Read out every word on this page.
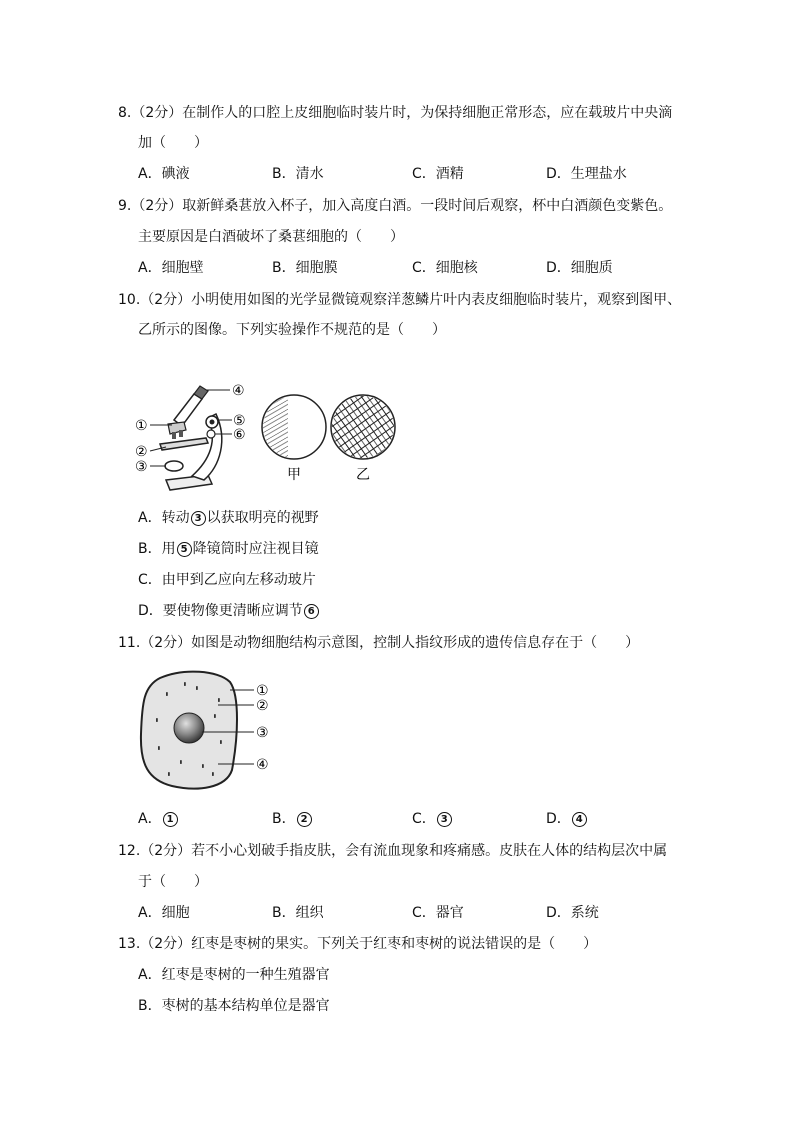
8.（2分）在制作人的口腔上皮细胞临时装片时，为保持细胞正常形态，应在载玻片中央滴
加（　　）
A．碘液	B．清水	C．酒精	D．生理盐水
9.（2分）取新鲜桑葚放入杯子，加入高度白酒。一段时间后观察，杯中白酒颜色变紫色。
主要原因是白酒破坏了桑葚细胞的（　　）
A．细胞壁	B．细胞膜	C．细胞核	D．细胞质
10.（2分）小明使用如图的光学显微镜观察洋葱鳞片叶内表皮细胞临时装片，观察到图甲、
乙所示的图像。下列实验操作不规范的是（　　）
④
①
②
③
⑤
⑥
甲	乙
A．转动 3 以获取明亮的视野
B．用 5 降镜筒时应注视目镜
C．由甲到乙应向左移动玻片
D．要使物像更清晰应调节 6
11.（2分）如图是动物细胞结构示意图，控制人指纹形成的遗传信息存在于（　　）
①
②
③
④
A． 1	B． 2	C． 3	D． 4
12.（2分）若不小心划破手指皮肤，会有流血现象和疼痛感。皮肤在人体的结构层次中属
于（　　）
A．细胞	B．组织	C．器官	D．系统
13.（2分）红枣是枣树的果实。下列关于红枣和枣树的说法错误的是（　　）
A．红枣是枣树的一种生殖器官
B．枣树的基本结构单位是器官
